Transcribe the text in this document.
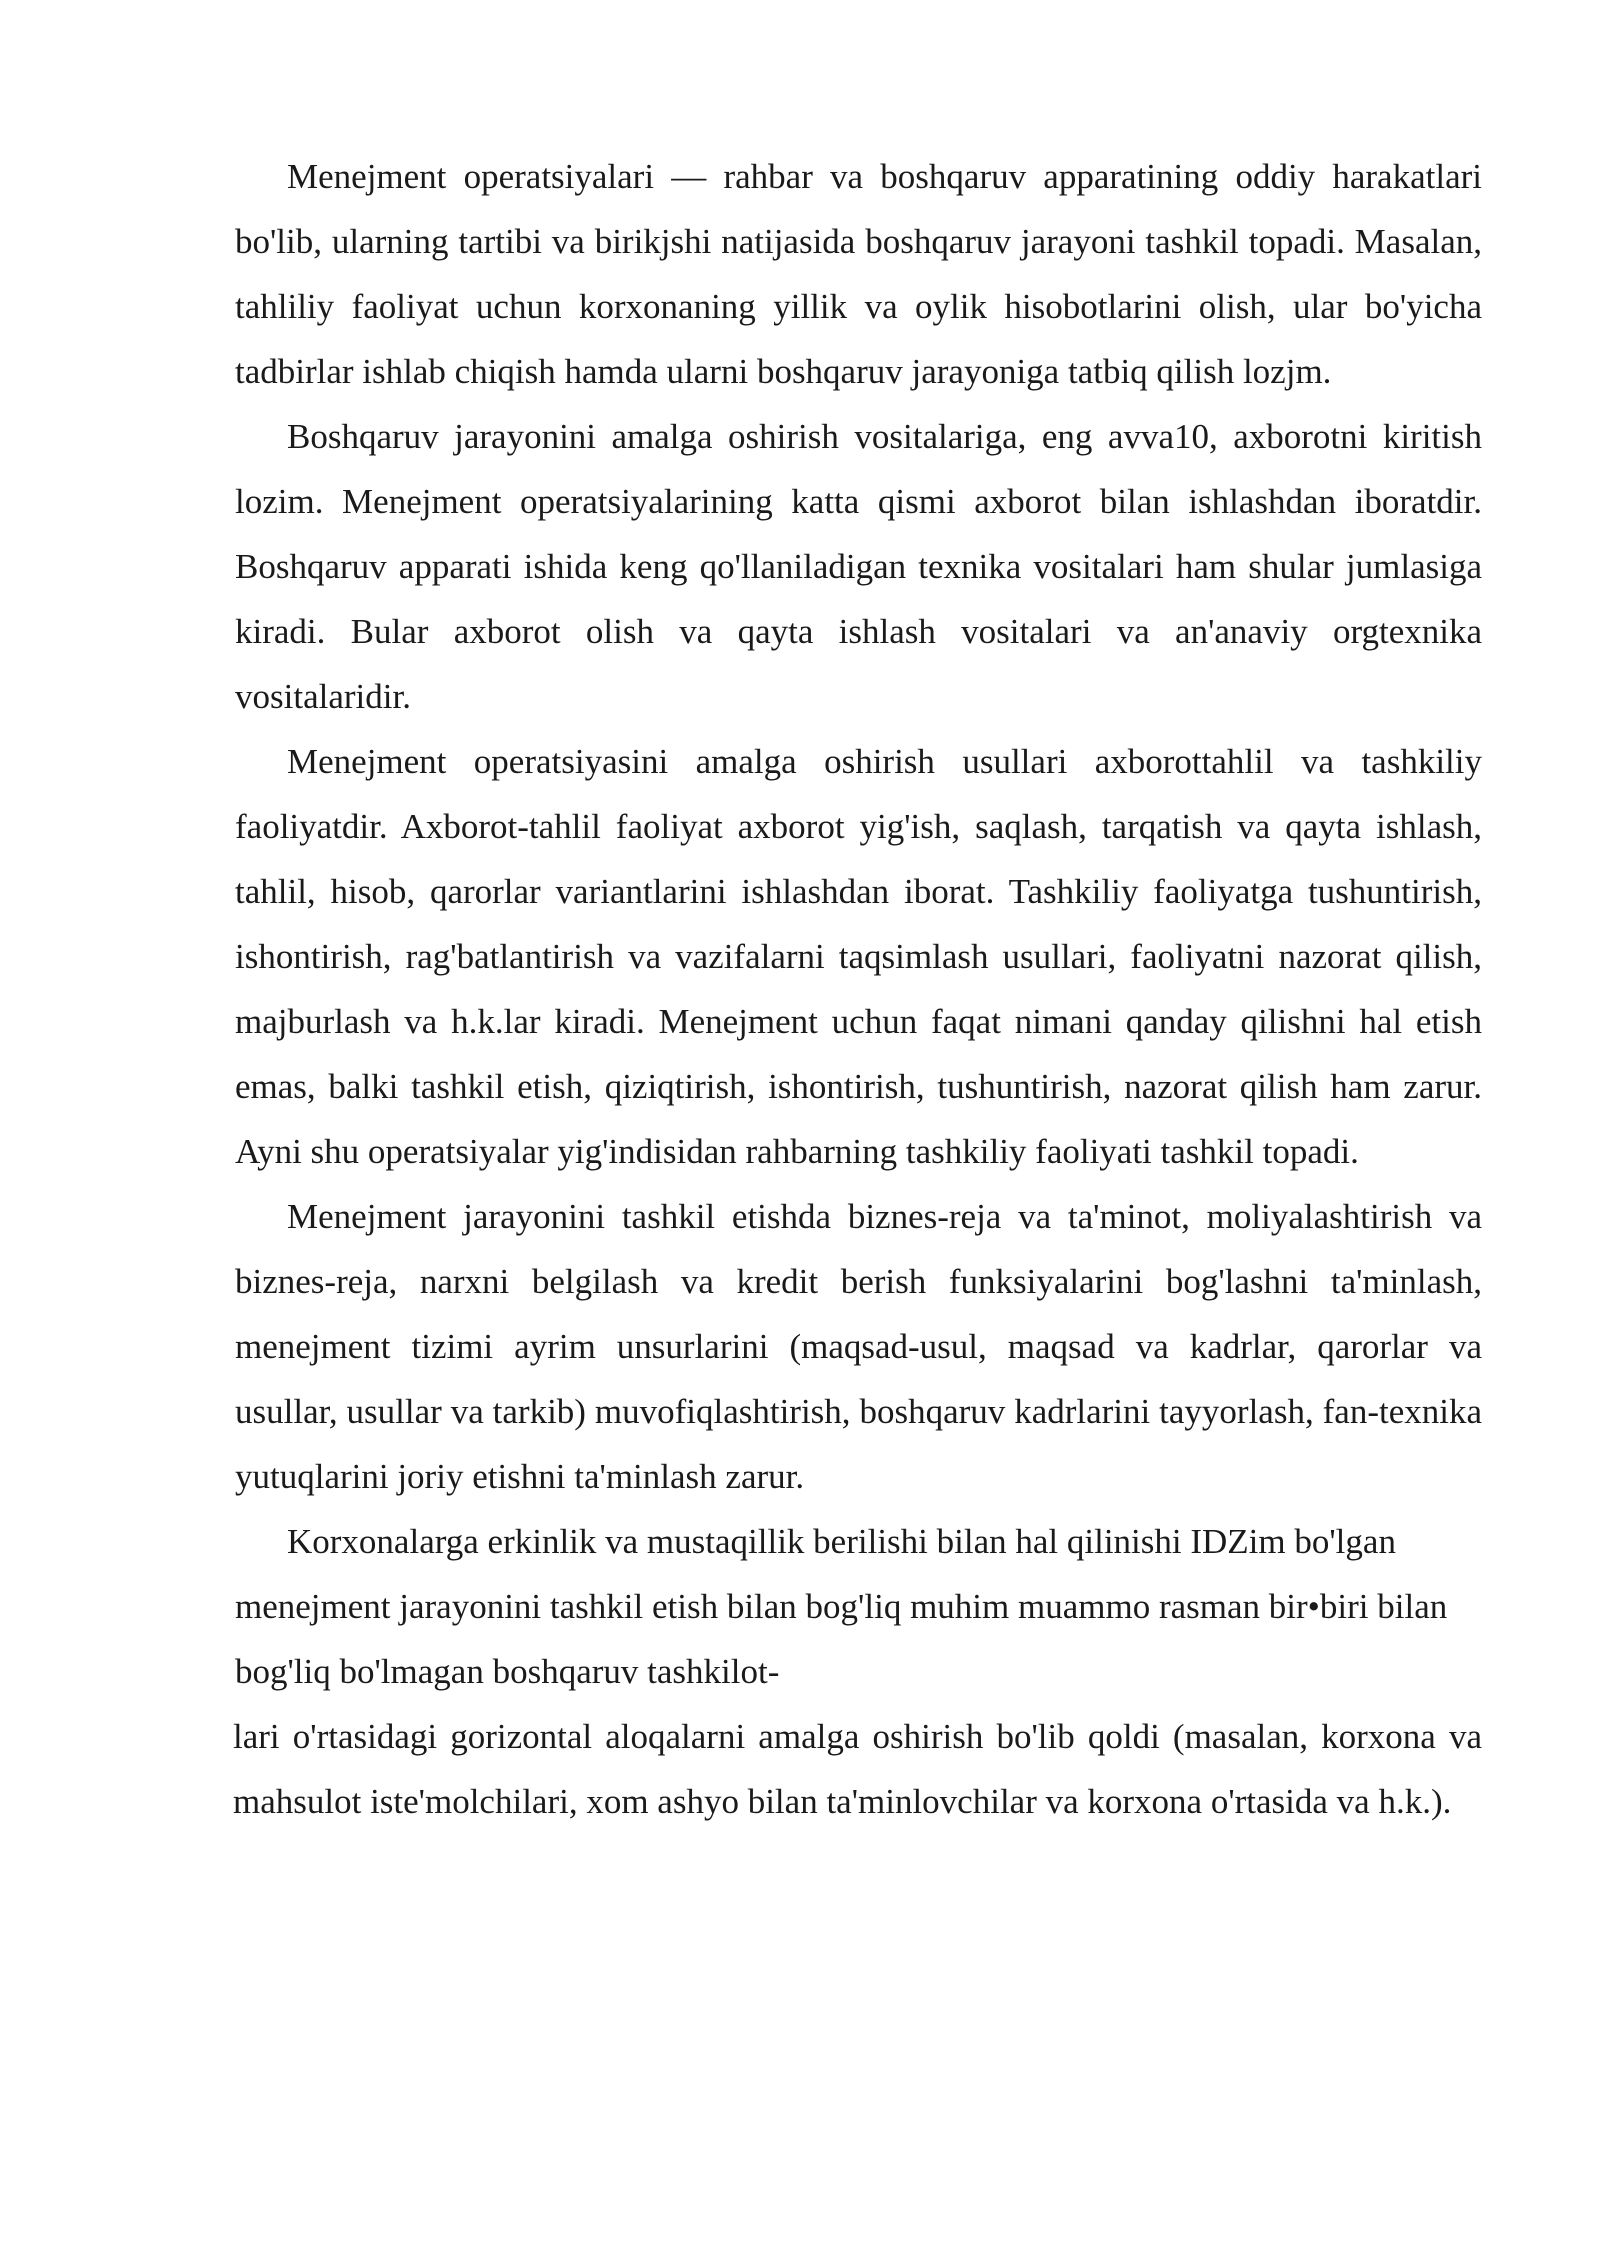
Menejment operatsiyalari — rahbar va boshqaruv apparatining oddiy harakatlari bo'lib, ularning tartibi va birikjshi natijasida boshqaruv jarayoni tashkil topadi. Masalan, tahliliy faoliyat uchun korxonaning yillik va oylik hisobotlarini olish, ular bo'yicha tadbirlar ishlab chiqish hamda ularni boshqaruv jarayoniga tatbiq qilish lozjm.

Boshqaruv jarayonini amalga oshirish vositalariga, eng avva10, axborotni kiritish lozim. Menejment operatsiyalarining katta qismi axborot bilan ishlashdan iboratdir. Boshqaruv apparati ishida keng qo'llaniladigan texnika vositalari ham shular jumlasiga kiradi. Bular axborot olish va qayta ishlash vositalari va an'anaviy orgtexnika vositalaridir.

Menejment operatsiyasini amalga oshirish usullari axborottahlil va tashkiliy faoliyatdir. Axborot-tahlil faoliyat axborot yig'ish, saqlash, tarqatish va qayta ishlash, tahlil, hisob, qarorlar variantlarini ishlashdan iborat. Tashkiliy faoliyatga tushuntirish, ishontirish, rag'batlantirish va vazifalarni taqsimlash usullari, faoliyatni nazorat qilish, majburlash va h.k.lar kiradi. Menejment uchun faqat nimani qanday qilishni hal etish emas, balki tashkil etish, qiziqtirish, ishontirish, tushuntirish, nazorat qilish ham zarur. Ayni shu operatsiyalar yig'indisidan rahbarning tashkiliy faoliyati tashkil topadi.

Menejment jarayonini tashkil etishda biznes-reja va ta'minot, moliyalashtirish va biznes-reja, narxni belgilash va kredit berish funksiyalarini bog'lashni ta'minlash, menejment tizimi ayrim unsurlarini (maqsad-usul, maqsad va kadrlar, qarorlar va usullar, usullar va tarkib) muvofiqlashtirish, boshqaruv kadrlarini tayyorlash, fan-texnika yutuqlarini joriy etishni ta'minlash zarur.

Korxonalarga erkinlik va mustaqillik berilishi bilan hal qilinishi IDZim bo'lgan menejment jarayonini tashkil etish bilan bog'liq muhim muammo rasman bir•biri bilan bog'liq bo'lmagan boshqaruv tashkilot-

lari o'rtasidagi gorizontal aloqalarni amalga oshirish bo'lib qoldi (masalan, korxona va mahsulot iste'molchilari, xom ashyo bilan ta'minlovchilar va korxona o'rtasida va h.k.).
